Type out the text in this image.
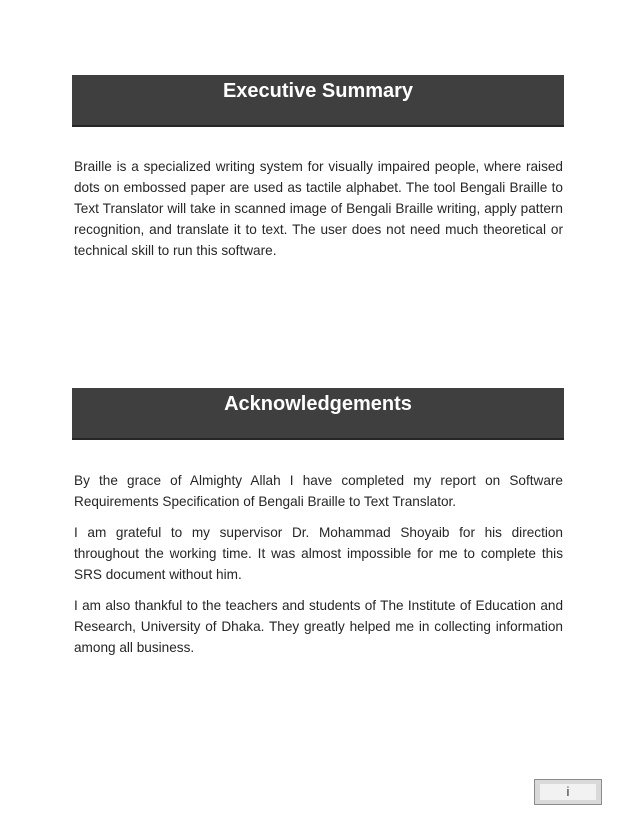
Executive Summary

Braille is a specialized writing system for visually impaired people, where raised dots on embossed paper are used as tactile alphabet. The tool Bengali Braille to Text Translator will take in scanned image of Bengali Braille writing, apply pattern recognition, and translate it to text. The user does not need much theoretical or technical skill to run this software.

Acknowledgements

By the grace of Almighty Allah I have completed my report on Software Requirements Specification of Bengali Braille to Text Translator.

I am grateful to my supervisor Dr. Mohammad Shoyaib for his direction throughout the working time. It was almost impossible for me to complete this SRS document without him.

I am also thankful to the teachers and students of The Institute of Education and Research, University of Dhaka. They greatly helped me in collecting information among all business.

i
